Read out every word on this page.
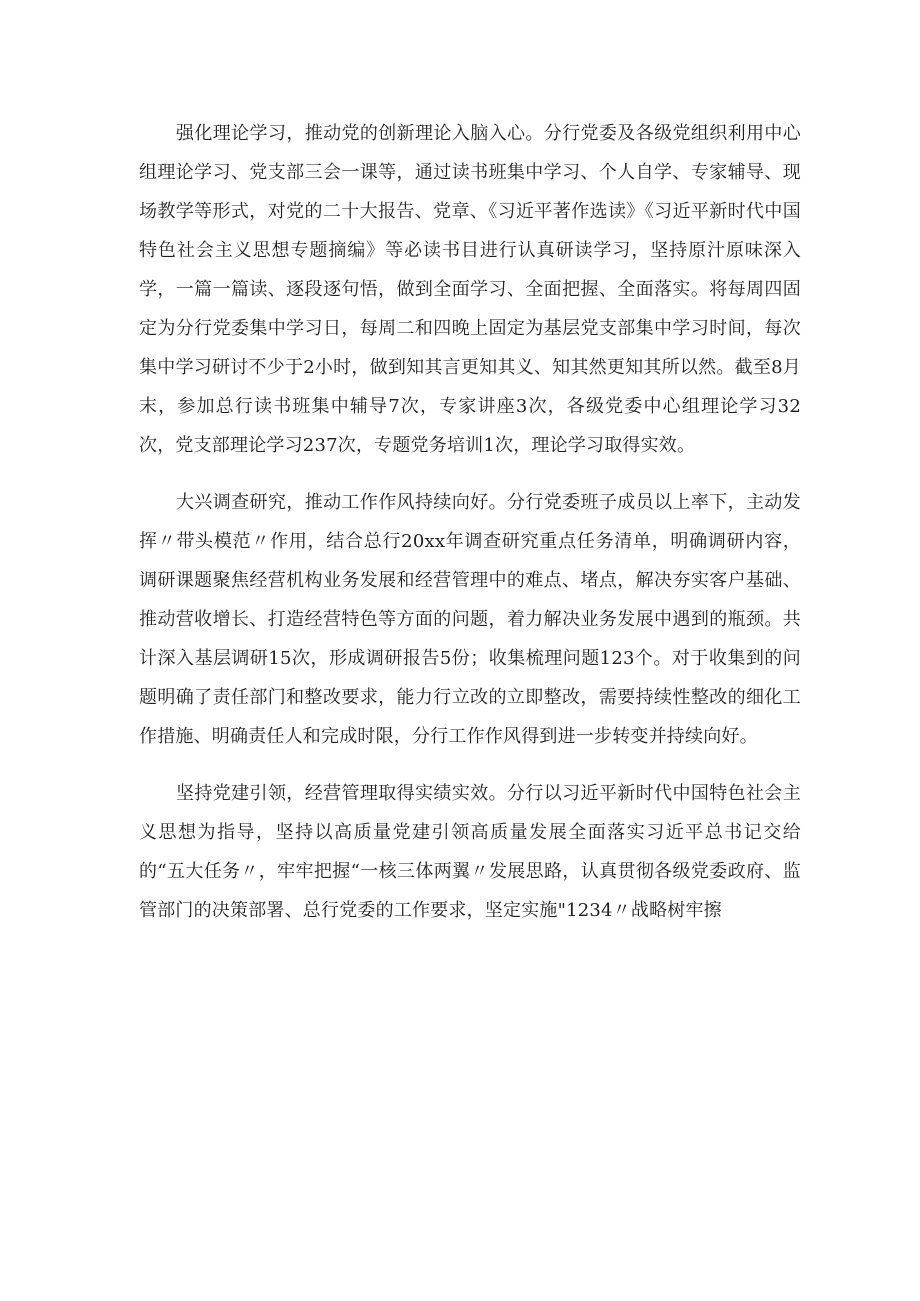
强化理论学习，推动党的创新理论入脑入心。分行党委及各级党组织利用中心组理论学习、党支部三会一课等，通过读书班集中学习、个人自学、专家辅导、现场教学等形式，对党的二十大报告、党章、《习近平著作选读》《习近平新时代中国特色社会主义思想专题摘编》等必读书目进行认真研读学习，坚持原汁原味深入学，一篇一篇读、逐段逐句悟，做到全面学习、全面把握、全面落实。将每周四固定为分行党委集中学习日，每周二和四晚上固定为基层党支部集中学习时间，每次集中学习研讨不少于2小时，做到知其言更知其义、知其然更知其所以然。截至8月末，参加总行读书班集中辅导7次，专家讲座3次，各级党委中心组理论学习32次，党支部理论学习237次，专题党务培训1次，理论学习取得实效。

大兴调查研究，推动工作作风持续向好。分行党委班子成员以上率下，主动发挥〃带头模范〃作用，结合总行20xx年调查研究重点任务清单，明确调研内容，调研课题聚焦经营机构业务发展和经营管理中的难点、堵点，解决夯实客户基础、推动营收增长、打造经营特色等方面的问题，着力解决业务发展中遇到的瓶颈。共计深入基层调研15次，形成调研报告5份；收集梳理问题123个。对于收集到的问题明确了责任部门和整改要求，能力行立改的立即整改，需要持续性整改的细化工作措施、明确责任人和完成时限，分行工作作风得到进一步转变并持续向好。

坚持党建引领，经营管理取得实绩实效。分行以习近平新时代中国特色社会主义思想为指导，坚持以高质量党建引领高质量发展全面落实习近平总书记交给的“五大任务〃，牢牢把握“一核三体两翼〃发展思路，认真贯彻各级党委政府、监管部门的决策部署、总行党委的工作要求，坚定实施"1234〃战略树牢擦
